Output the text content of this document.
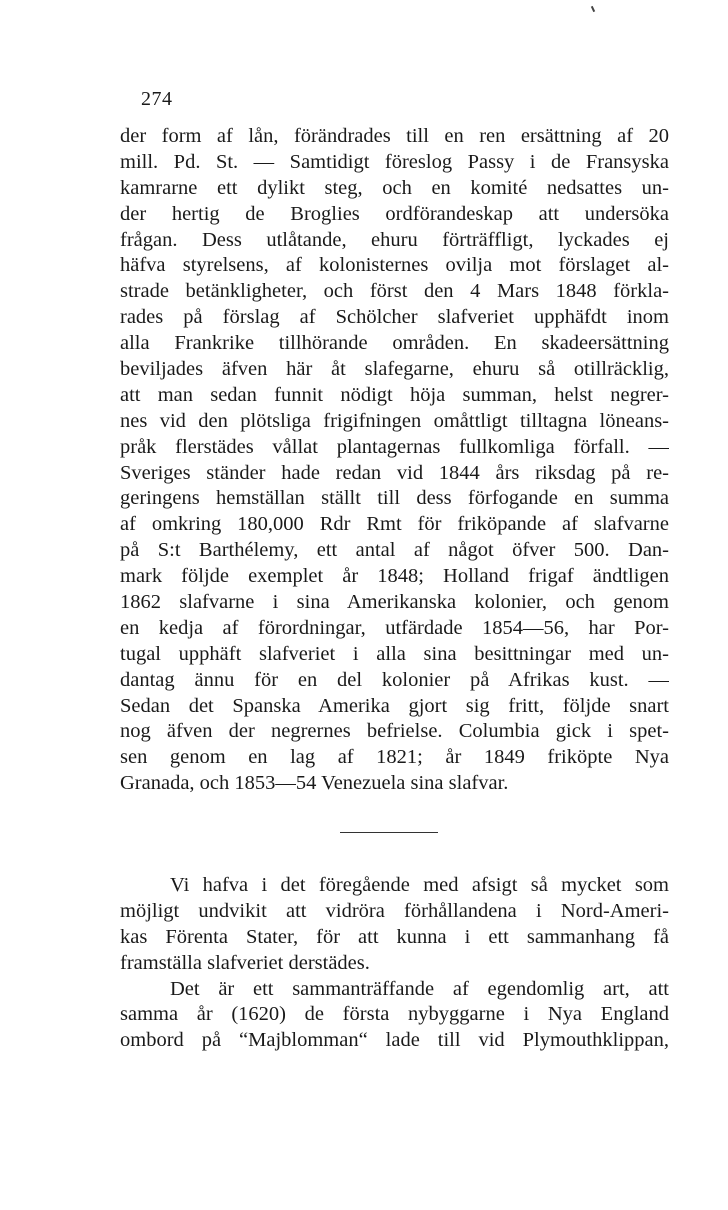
274
der form af lån, förändrades till en ren ersättning af 20
mill. Pd. St. — Samtidigt föreslog Passy i de Fransyska
kamrarne ett dylikt steg, och en komité nedsattes un-
der hertig de Broglies ordförandeskap att undersöka
frågan. Dess utlåtande, ehuru förträffligt, lyckades ej
häfva styrelsens, af kolonisternes ovilja mot förslaget al-
strade betänkligheter, och först den 4 Mars 1848 förkla-
rades på förslag af Schölcher slafveriet upphäfdt inom
alla Frankrike tillhörande områden. En skadeersättning
beviljades äfven här åt slafegarne, ehuru så otillräcklig,
att man sedan funnit nödigt höja summan, helst negrer-
nes vid den plötsliga frigifningen omåttligt tilltagna löneans-
pråk flerstädes vållat plantagernas fullkomliga förfall. —
Sveriges ständer hade redan vid 1844 års riksdag på re-
geringens hemställan ställt till dess förfogande en summa
af omkring 180,000 Rdr Rmt för friköpande af slafvarne
på S:t Barthélemy, ett antal af något öfver 500. Dan-
mark följde exemplet år 1848; Holland frigaf ändtligen
1862 slafvarne i sina Amerikanska kolonier, och genom
en kedja af förordningar, utfärdade 1854—56, har Por-
tugal upphäft slafveriet i alla sina besittningar med un-
dantag ännu för en del kolonier på Afrikas kust. —
Sedan det Spanska Amerika gjort sig fritt, följde snart
nog äfven der negrernes befrielse. Columbia gick i spet-
sen genom en lag af 1821; år 1849 friköpte Nya
Granada, och 1853—54 Venezuela sina slafvar.
Vi hafva i det föregående med afsigt så mycket som
möjligt undvikit att vidröra förhållandena i Nord-Ameri-
kas Förenta Stater, för att kunna i ett sammanhang få
framställa slafveriet derstädes.
Det är ett sammanträffande af egendomlig art, att
samma år (1620) de första nybyggarne i Nya England
ombord på “Majblomman“ lade till vid Plymouthklippan,
